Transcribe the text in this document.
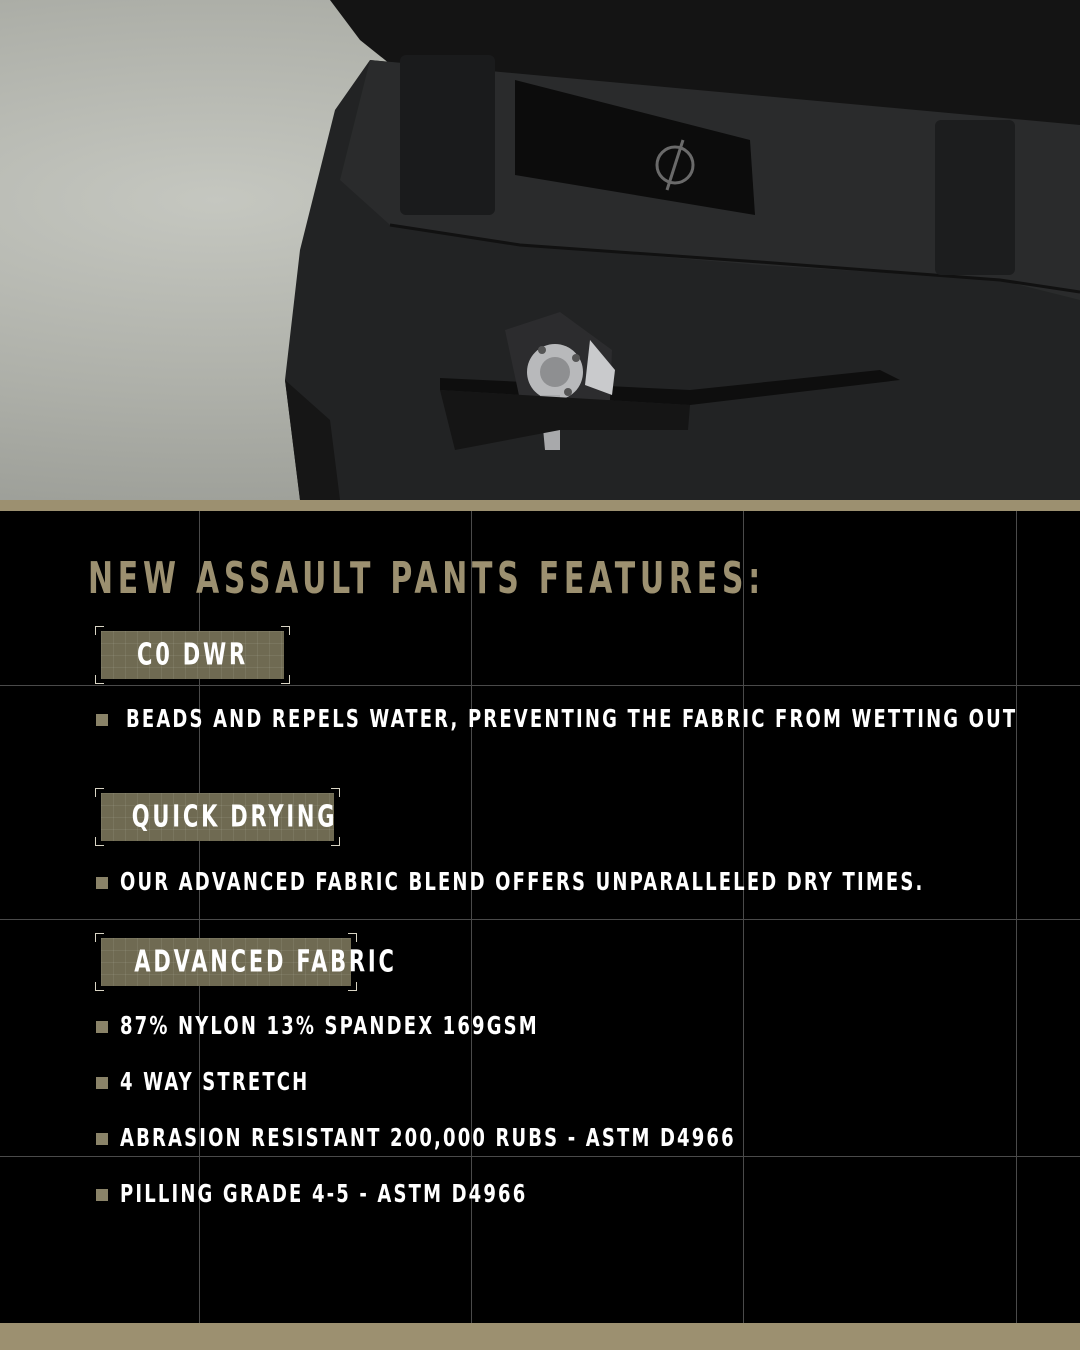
NEW ASSAULT PANTS FEATURES:
C0 DWR
BEADS AND REPELS WATER, PREVENTING THE FABRIC FROM WETTING OUT
QUICK DRYING
OUR ADVANCED FABRIC BLEND OFFERS UNPARALLELED DRY TIMES.
ADVANCED FABRIC
87% NYLON 13% SPANDEX 169GSM
4 WAY STRETCH
ABRASION RESISTANT 200,000 RUBS - ASTM D4966
PILLING GRADE 4-5 - ASTM D4966
